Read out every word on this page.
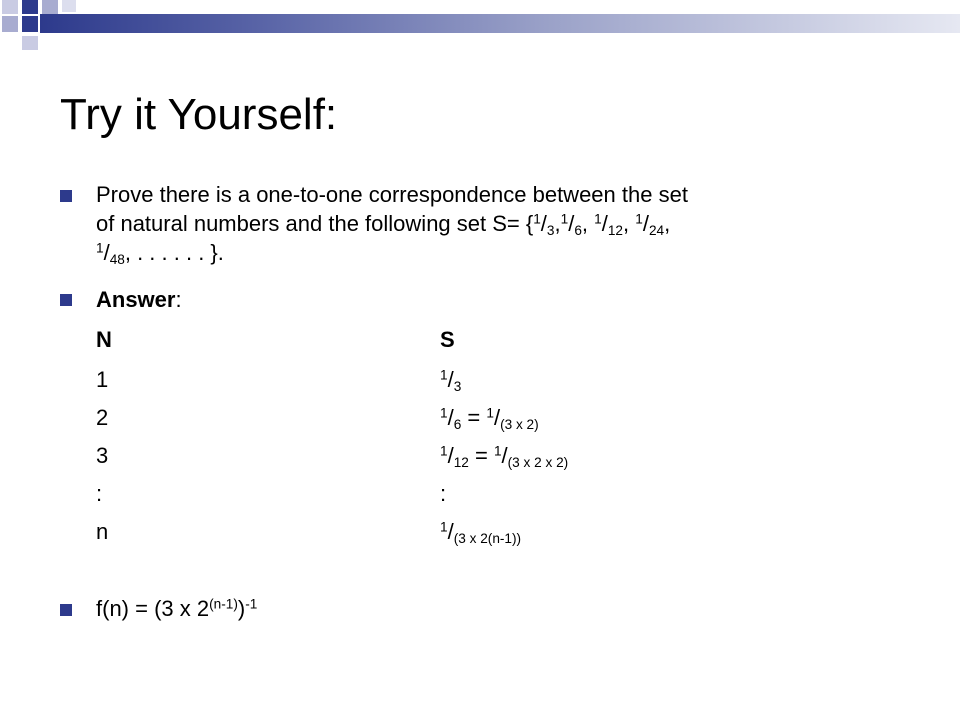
Try it Yourself:
Prove there is a one-to-one correspondence between the set
of natural numbers and the following set $S= \{^1/_3,^1/_6$, $^1/_{12}$, $^1/_{24}$,
$^1/_{48}$, . . . . . . }.
Answer:
N	S
1	$^1/_3$
2	$^1/_6 = ^1/_{(3 x 2)}$
3	$^1/_{12} = ^1/_{(3 x 2 x 2)}$
:	:
n	$^1/_{(3 x 2(n-1))}$
f(n) = (3 x 2$^{(n-1)}$)$^{-1}$
